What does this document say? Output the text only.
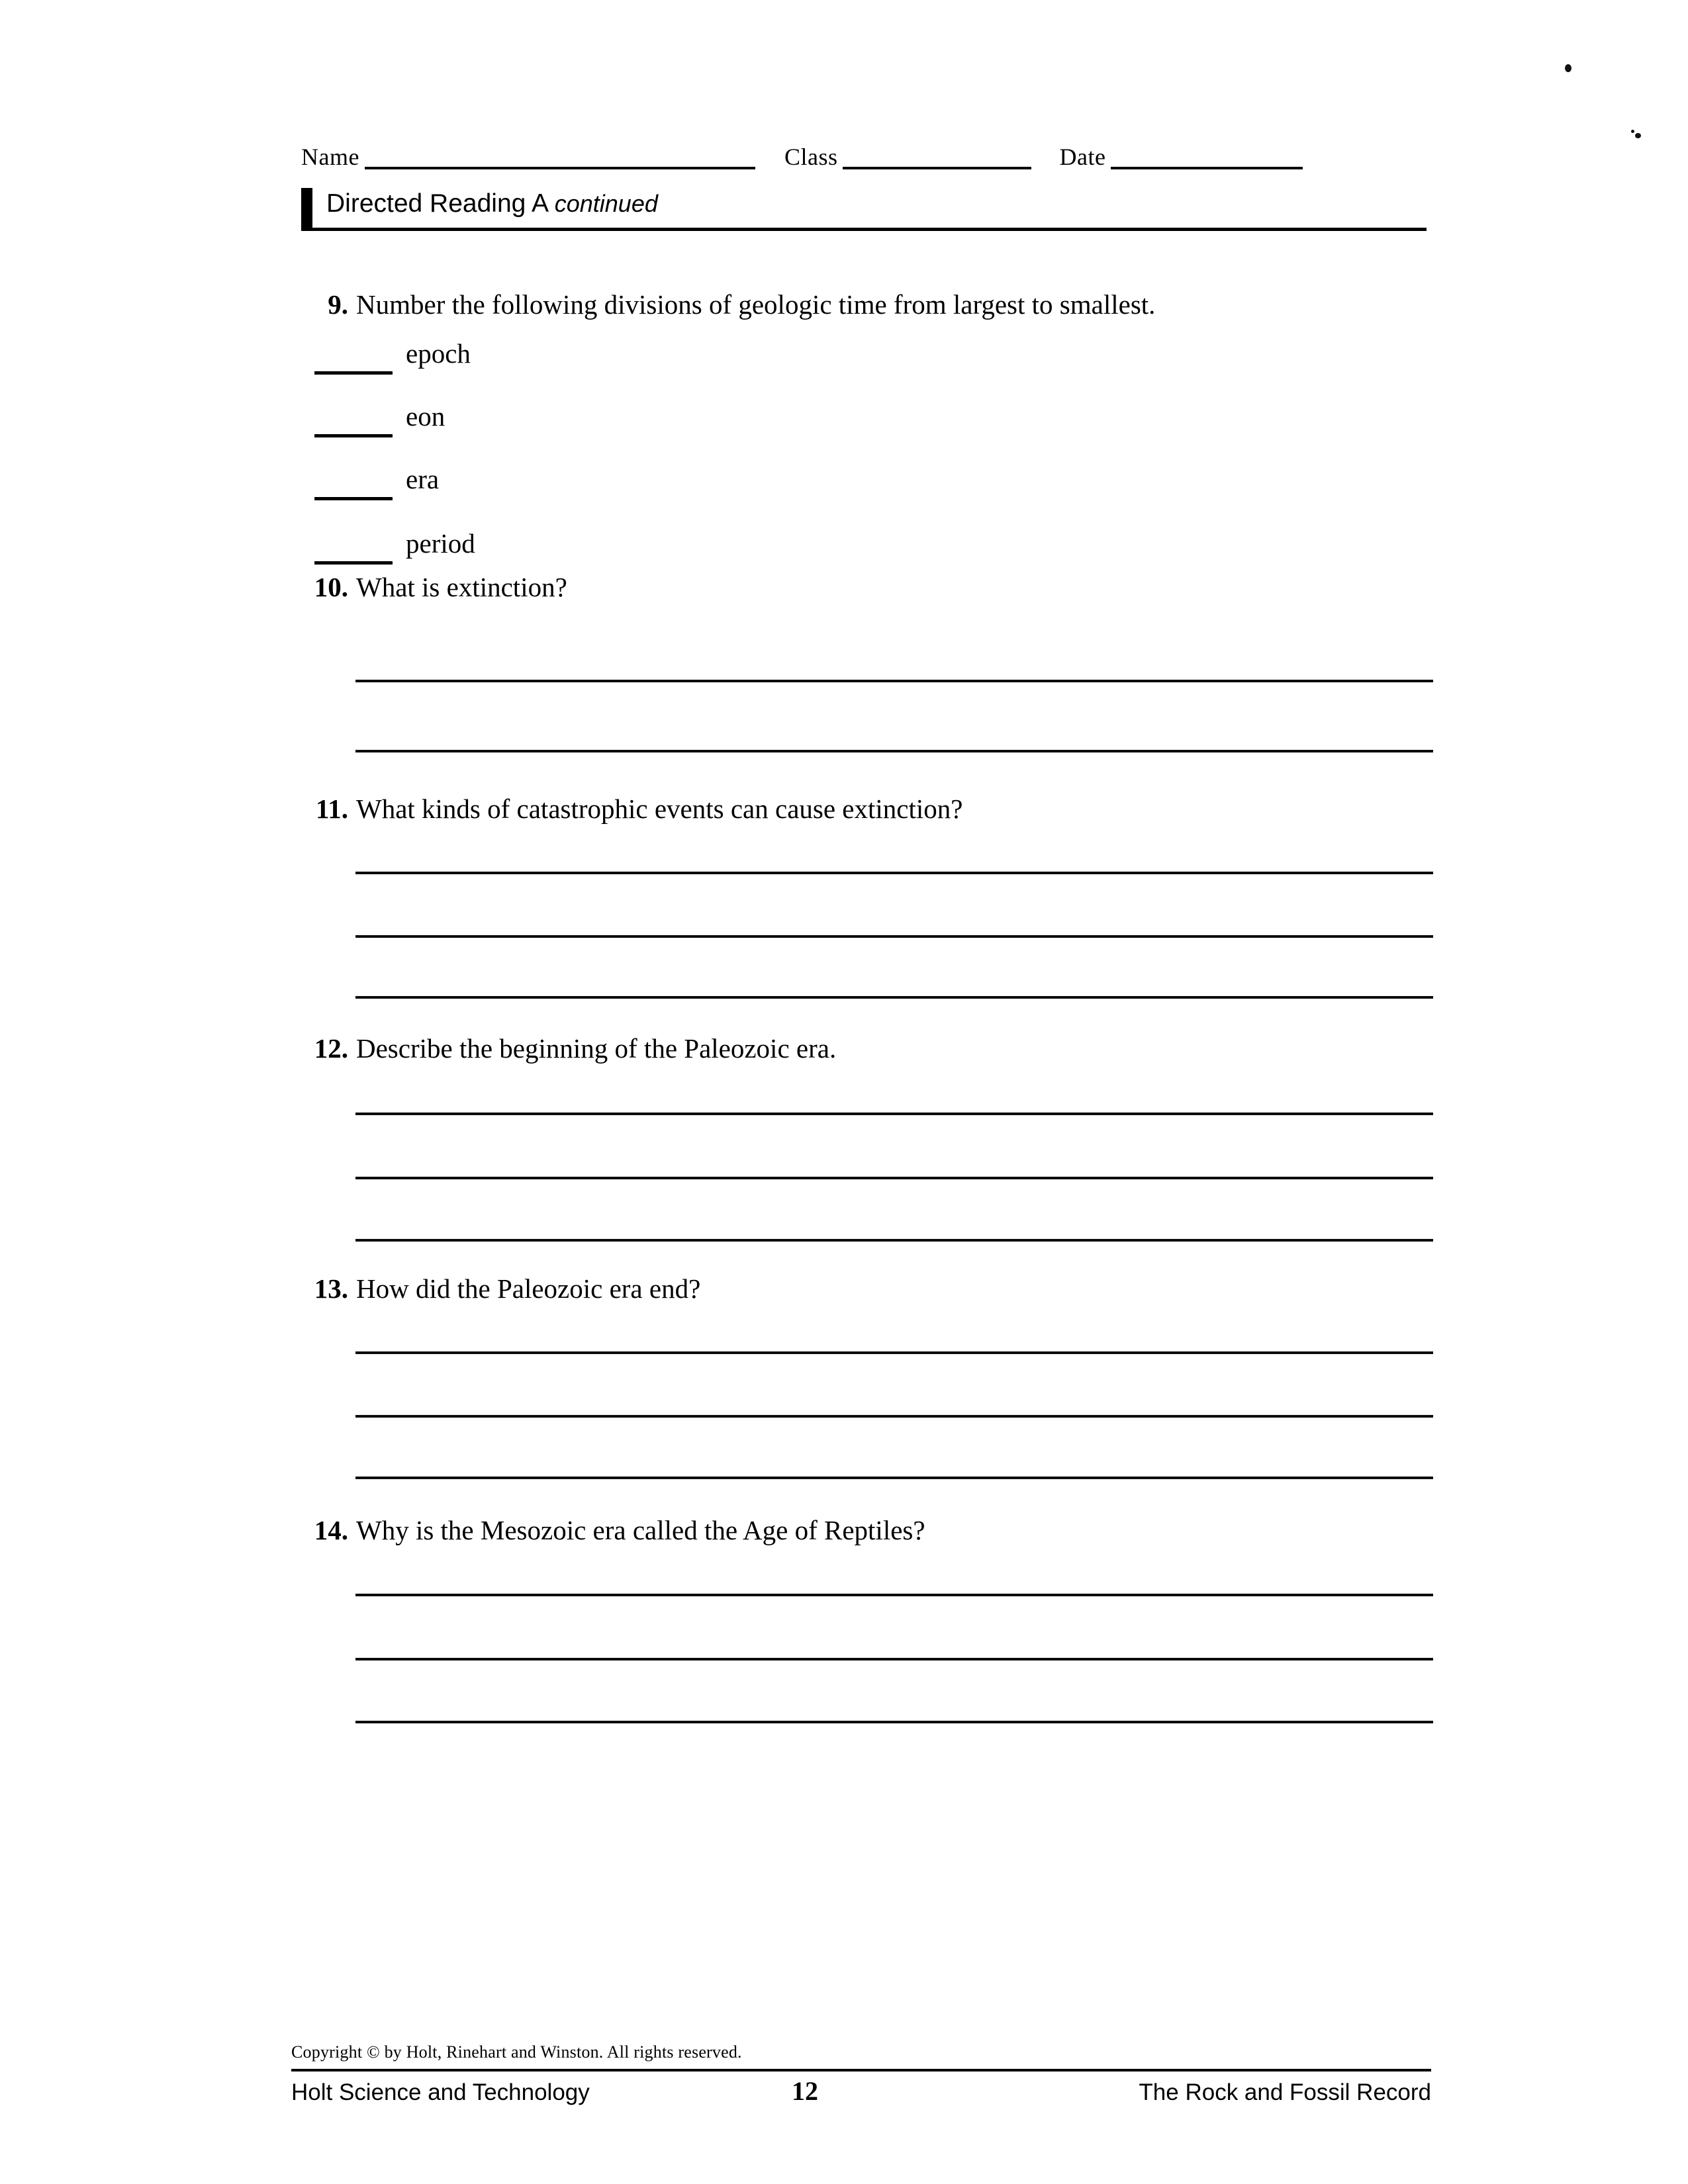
Name	Class	Date
Directed Reading A continued
9. Number the following divisions of geologic time from largest to smallest.
epoch
eon
era
period
10. What is extinction?
11. What kinds of catastrophic events can cause extinction?
12. Describe the beginning of the Paleozoic era.
13. How did the Paleozoic era end?
14. Why is the Mesozoic era called the Age of Reptiles?
Copyright © by Holt, Rinehart and Winston. All rights reserved.
Holt Science and Technology	12	The Rock and Fossil Record
